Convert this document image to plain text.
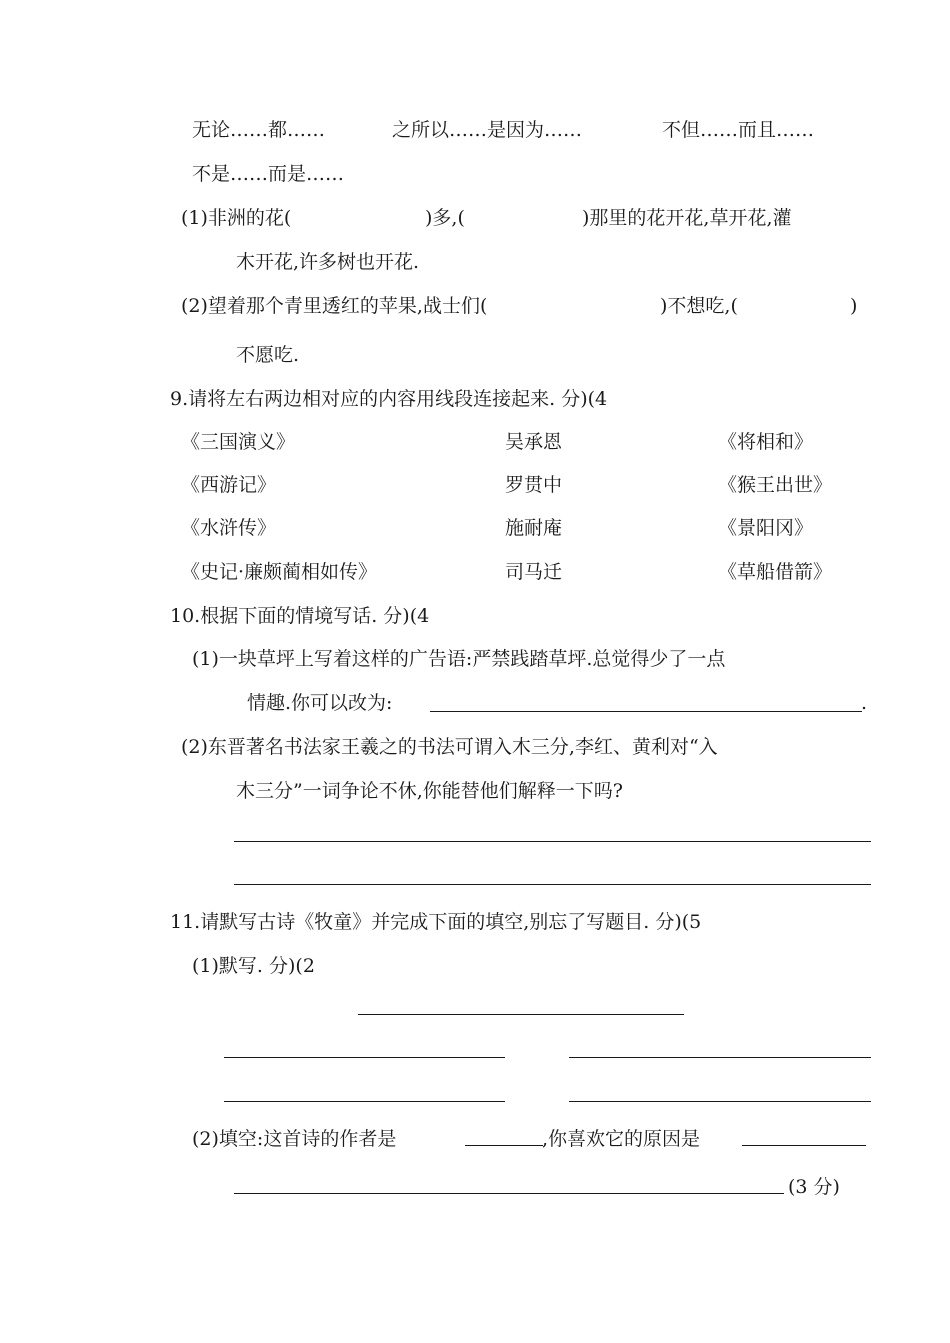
无论……都……	之所以……是因为……	不但……而且……
不是……而是……
(1)非洲的花(	)多,(	)那里的花开花,草开花,灌
木开花,许多树也开花.
(2)望着那个青里透红的苹果,战士们(	)不想吃,(	)
不愿吃.
9.请将左右两边相对应的内容用线段连接起来. 分)(4
《三国演义》	吴承恩	《将相和》
《西游记》	罗贯中	《猴王出世》
《水浒传》	施耐庵	《景阳冈》
《史记·廉颇蔺相如传》	司马迁	《草船借箭》
10.根据下面的情境写话. 分)(4
(1)一块草坪上写着这样的广告语:严禁践踏草坪.总觉得少了一点
情趣.你可以改为:	.
(2)东晋著名书法家王羲之的书法可谓入木三分,李红、黄利对“入
木三分”一词争论不休,你能替他们解释一下吗?
11.请默写古诗《牧童》并完成下面的填空,别忘了写题目. 分)(5
(1)默写. 分)(2
(2)填空:这首诗的作者是	,你喜欢它的原因是
(3 分)
